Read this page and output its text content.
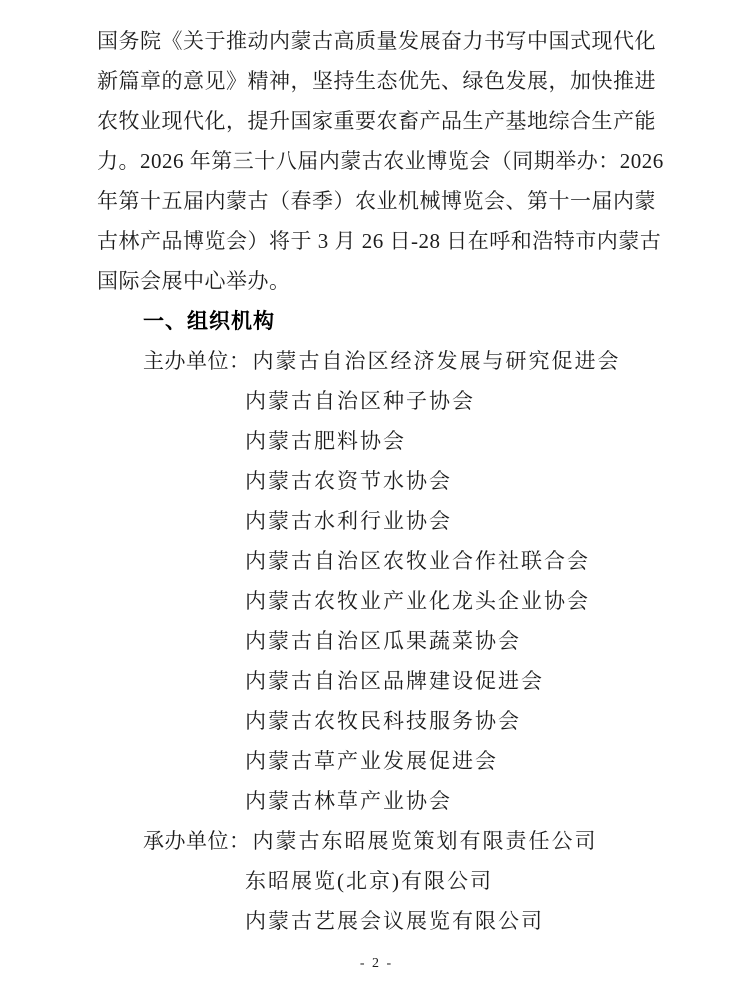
国务院《关于推动内蒙古高质量发展奋力书写中国式现代化
新篇章的意见》精神，坚持生态优先、绿色发展，加快推进
农牧业现代化，提升国家重要农畜产品生产基地综合生产能
力。2026 年第三十八届内蒙古农业博览会（同期举办：2026
年第十五届内蒙古（春季）农业机械博览会、第十一届内蒙
古林产品博览会）将于 3 月 26 日-28 日在呼和浩特市内蒙古
国际会展中心举办。
一、组织机构
主办单位：内蒙古自治区经济发展与研究促进会
内蒙古自治区种子协会
内蒙古肥料协会
内蒙古农资节水协会
内蒙古水利行业协会
内蒙古自治区农牧业合作社联合会
内蒙古农牧业产业化龙头企业协会
内蒙古自治区瓜果蔬菜协会
内蒙古自治区品牌建设促进会
内蒙古农牧民科技服务协会
内蒙古草产业发展促进会
内蒙古林草产业协会
承办单位：内蒙古东昭展览策划有限责任公司
东昭展览(北京)有限公司
内蒙古艺展会议展览有限公司
- 2 -
